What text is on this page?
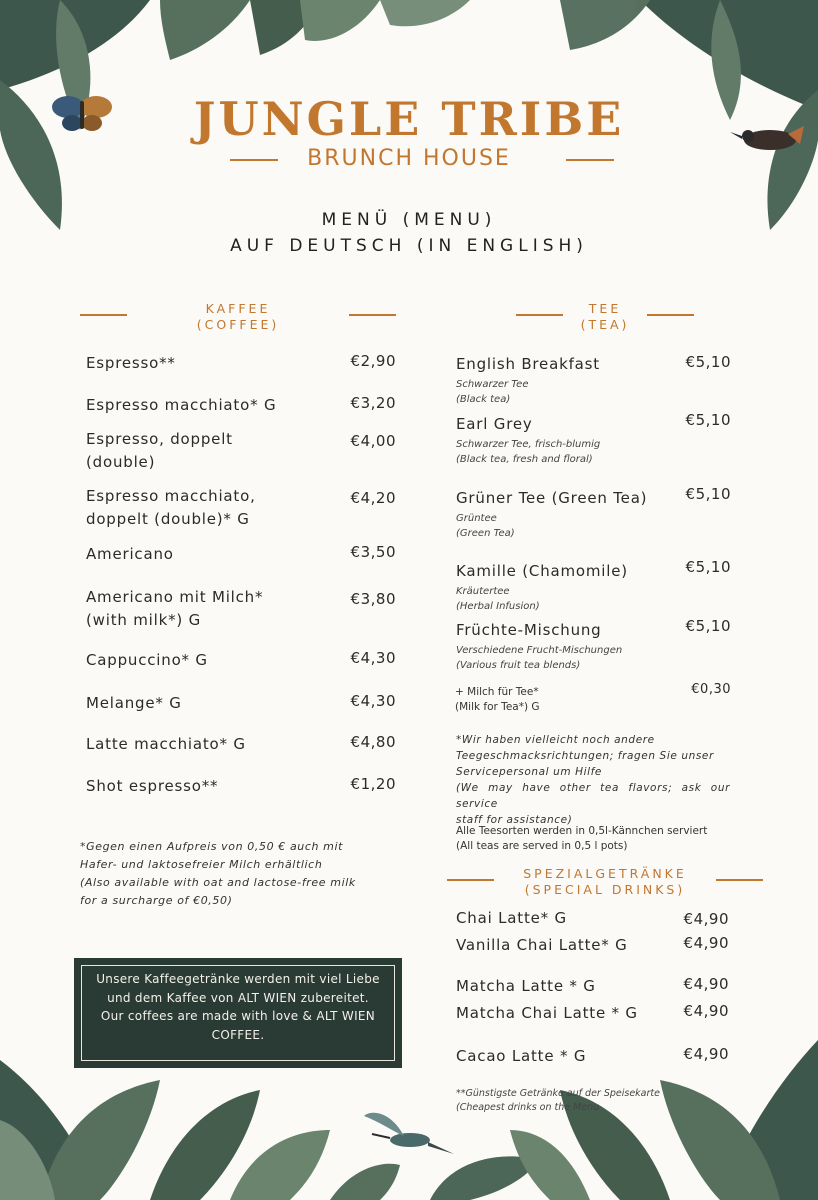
JUNGLE TRIBE
BRUNCH HOUSE
MENÜ (MENU)
AUF DEUTSCH (IN ENGLISH)
KAFFEE
(COFFEE)
Espresso**	€2,90
Espresso macchiato* G	€3,20
Espresso, doppelt
(double)
€4,00
Espresso macchiato,
doppelt (double)* G
€4,20
Americano	€3,50
Americano mit Milch*
(with milk*) G
€3,80
Cappuccino* G	€4,30
Melange* G	€4,30
Latte macchiato* G	€4,80
Shot espresso**	€1,20
*Gegen einen Aufpreis von 0,50 € auch mit
Hafer- und laktosefreier Milch erhältlich
(Also available with oat and lactose-free milk
for a surcharge of €0,50)
Unsere Kaffeegetränke werden mit viel Liebe
und dem Kaffee von ALT WIEN zubereitet.
Our coffees are made with love & ALT WIEN
COFFEE.
TEE
(TEA)
English Breakfast
Schwarzer Tee
(Black tea)
€5,10
Earl Grey
Schwarzer Tee, frisch-blumig
(Black tea, fresh and floral)
€5,10
Grüner Tee (Green Tea)
Grüntee
(Green Tea)
€5,10
Kamille (Chamomile)
Kräutertee
(Herbal Infusion)
€5,10
Früchte-Mischung
Verschiedene Frucht-Mischungen
(Various fruit tea blends)
€5,10
+ Milch für Tee*
(Milk for Tea*) G
€0,30
*Wir haben vielleicht noch andere
Teegeschmacksrichtungen; fragen Sie unser
Servicepersonal um Hilfe
(We may have other tea flavors; ask our service
staff for assistance)
Alle Teesorten werden in 0,5l-Kännchen serviert
(All teas are served in 0,5 l pots)
SPEZIALGETRÄNKE
(SPECIAL DRINKS)
Chai Latte* G	€4,90
Vanilla Chai Latte* G	€4,90
Matcha Latte * G	€4,90
Matcha Chai Latte * G	€4,90
Cacao Latte * G	€4,90
**Günstigste Getränke auf der Speisekarte
(Cheapest drinks on the Menu
